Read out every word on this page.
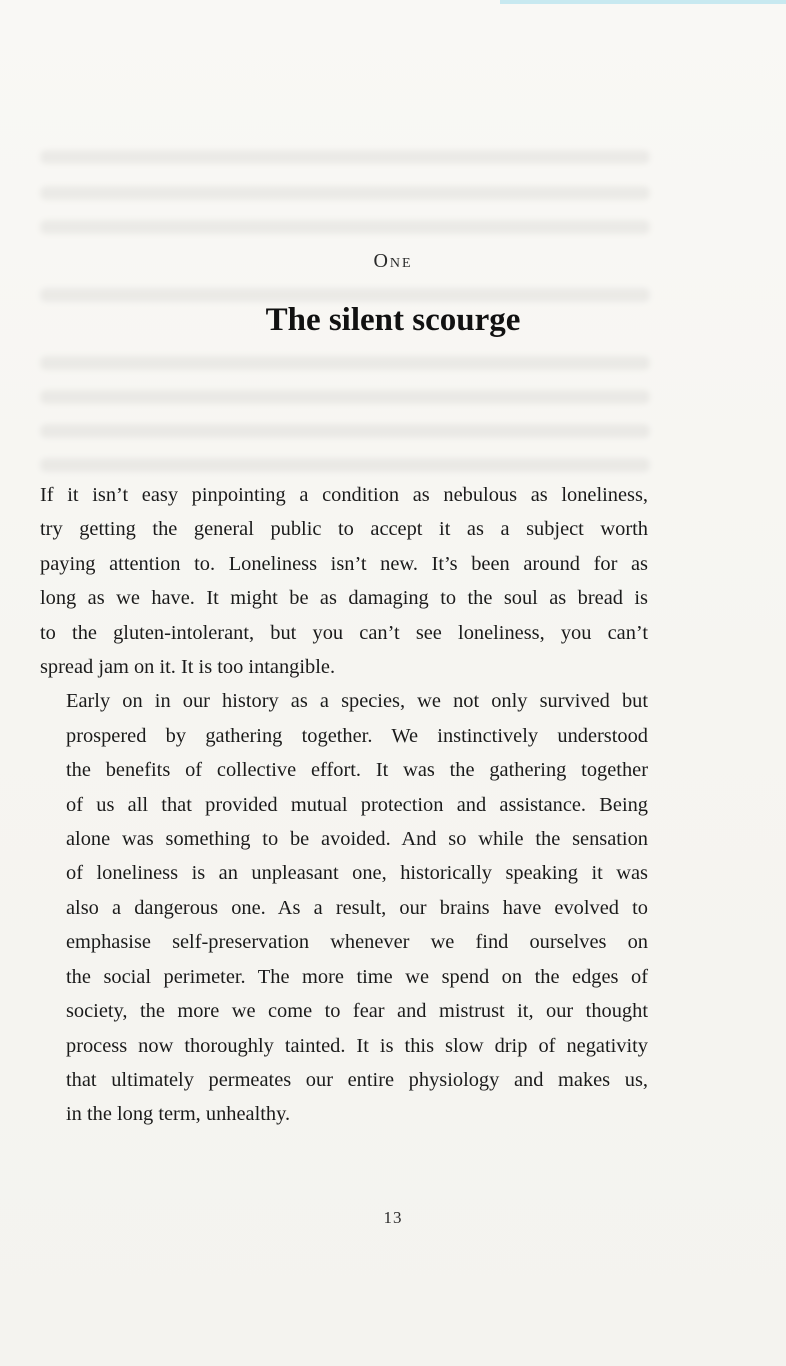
One
The silent scourge

If it isn’t easy pinpointing a condition as nebulous as loneliness,
try getting the general public to accept it as a subject worth
paying attention to. Loneliness isn’t new. It’s been around for as
long as we have. It might be as damaging to the soul as bread is
to the gluten-intolerant, but you can’t see loneliness, you can’t
spread jam on it. It is too intangible.

Early on in our history as a species, we not only survived but
prospered by gathering together. We instinctively understood
the benefits of collective effort. It was the gathering together
of us all that provided mutual protection and assistance. Being
alone was something to be avoided. And so while the sensation
of loneliness is an unpleasant one, historically speaking it was
also a dangerous one. As a result, our brains have evolved to
emphasise self-preservation whenever we find ourselves on
the social perimeter. The more time we spend on the edges of
society, the more we come to fear and mistrust it, our thought
process now thoroughly tainted. It is this slow drip of negativity
that ultimately permeates our entire physiology and makes us,
in the long term, unhealthy.

13
